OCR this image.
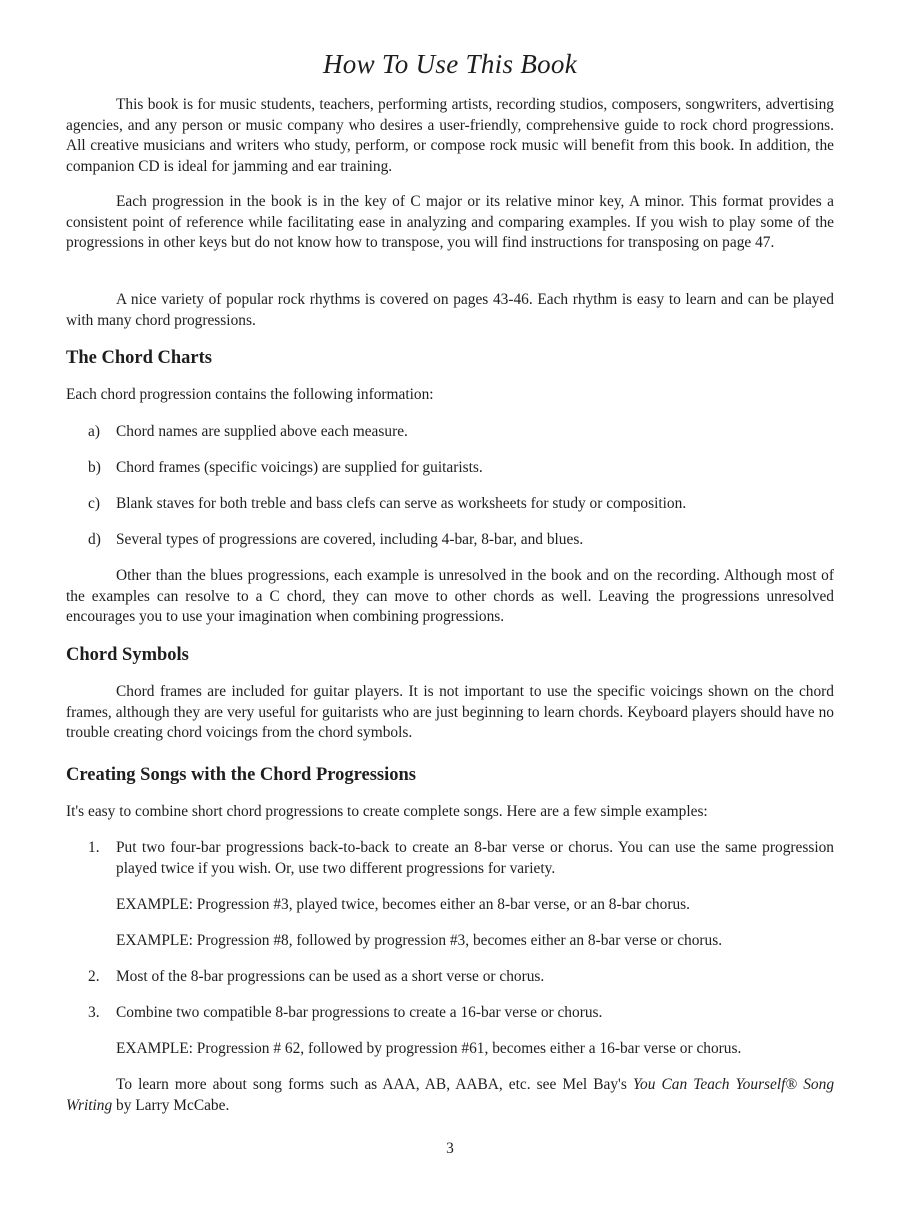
How To Use This Book

This book is for music students, teachers, performing artists, recording studios, composers, songwriters, advertising agencies, and any person or music company who desires a user-friendly, comprehensive guide to rock chord progressions. All creative musicians and writers who study, perform, or compose rock music will benefit from this book. In addition, the companion CD is ideal for jamming and ear training.

Each progression in the book is in the key of C major or its relative minor key, A minor. This format provides a consistent point of reference while facilitating ease in analyzing and comparing examples. If you wish to play some of the progressions in other keys but do not know how to transpose, you will find instructions for transposing on page 47.

A nice variety of popular rock rhythms is covered on pages 43-46. Each rhythm is easy to learn and can be played with many chord progressions.

The Chord Charts

Each chord progression contains the following information:

a)	Chord names are supplied above each measure.
b) Chord frames (specific voicings) are supplied for guitarists.
c)	Blank staves for both treble and bass clefs can serve as worksheets for study or composition.
d) Several types of progressions are covered, including 4-bar, 8-bar, and blues.

Other than the blues progressions, each example is unresolved in the book and on the recording. Although most of the examples can resolve to a C chord, they can move to other chords as well. Leaving the progressions unresolved encourages you to use your imagination when combining progressions.

Chord Symbols

Chord frames are included for guitar players. It is not important to use the specific voicings shown on the chord frames, although they are very useful for guitarists who are just beginning to learn chords. Keyboard players should have no trouble creating chord voicings from the chord symbols.

Creating Songs with the Chord Progressions

It's easy to combine short chord progressions to create complete songs. Here are a few simple examples:

1.	Put two four-bar progressions back-to-back to create an 8-bar verse or chorus. You can use the same progression played twice if you wish. Or, use two different progressions for variety.

EXAMPLE: Progression #3, played twice, becomes either an 8-bar verse, or an 8-bar chorus.

EXAMPLE: Progression #8, followed by progression #3, becomes either an 8-bar verse or chorus.

2.	Most of the 8-bar progressions can be used as a short verse or chorus.
3.	Combine two compatible 8-bar progressions to create a 16-bar verse or chorus.

EXAMPLE: Progression # 62, followed by progression #61, becomes either a 16-bar verse or chorus.

To learn more about song forms such as AAA, AB, AABA, etc. see Mel Bay's You Can Teach Yourself® Song Writing by Larry McCabe.

3
